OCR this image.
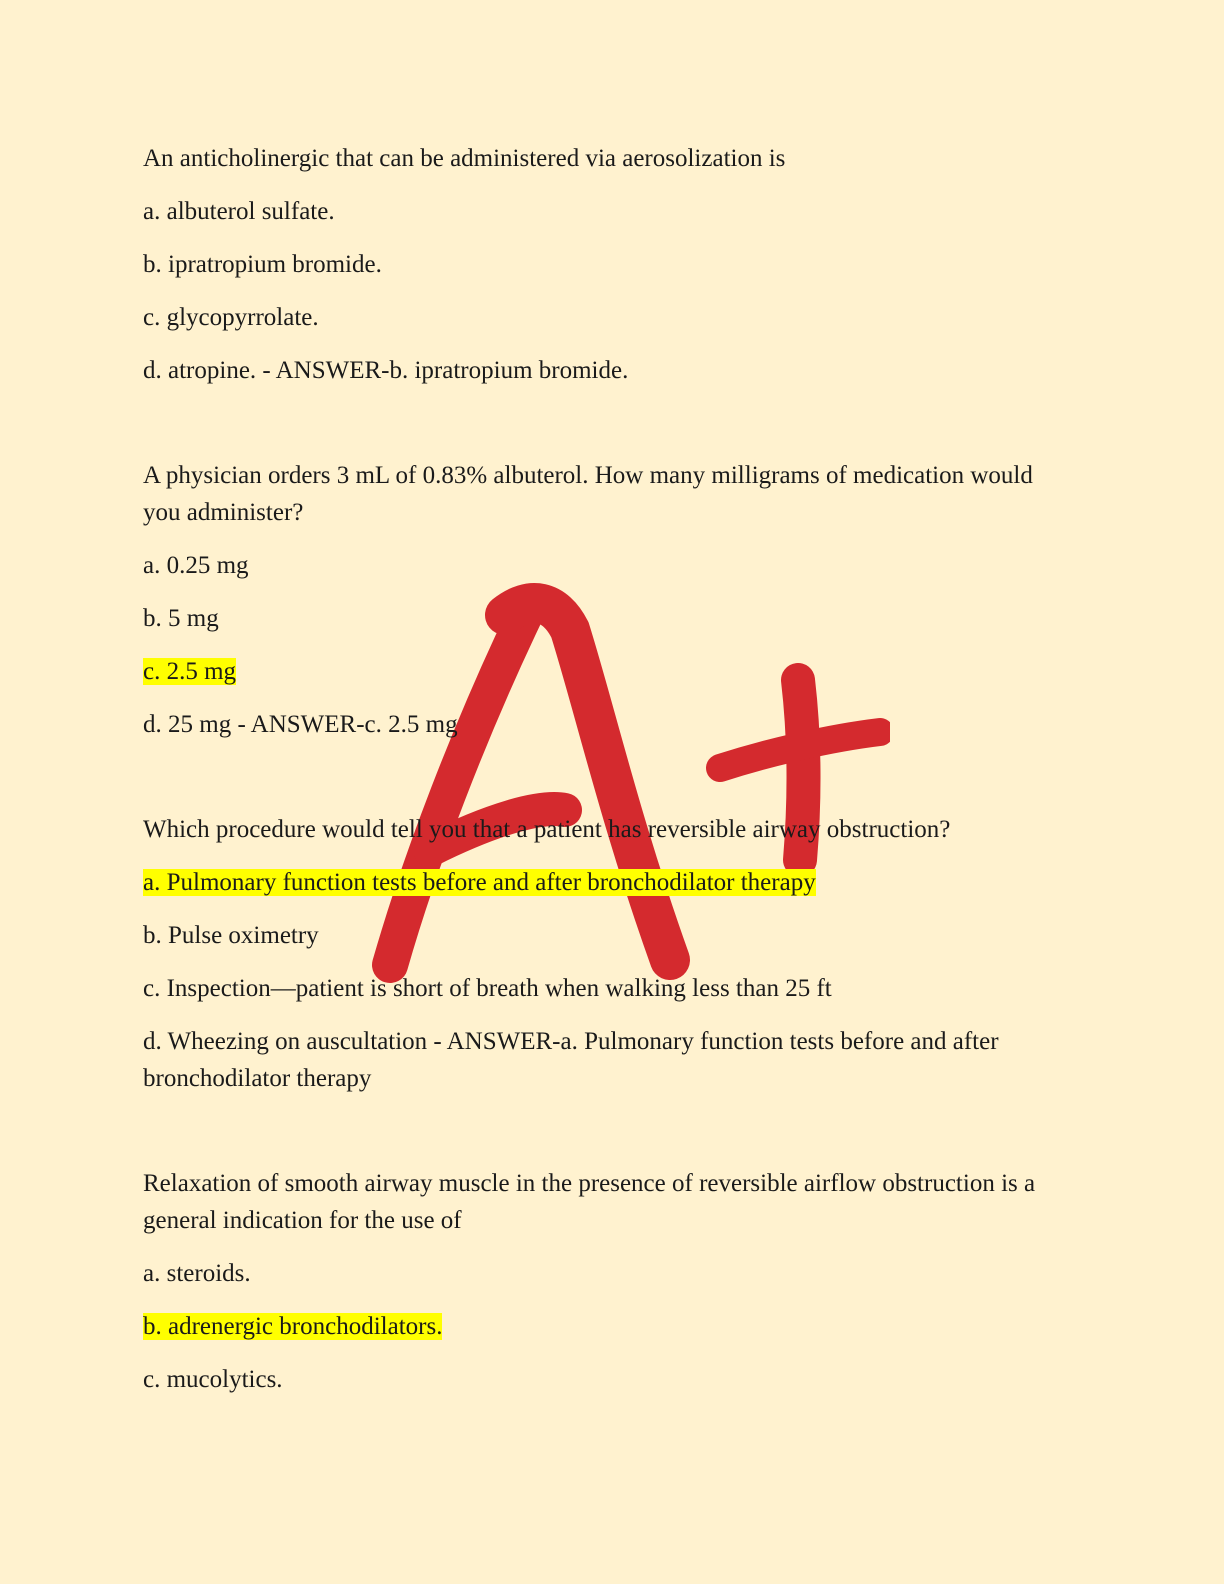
An anticholinergic that can be administered via aerosolization is

a. albuterol sulfate.

b. ipratropium bromide.

c. glycopyrrolate.

d. atropine. - ANSWER-b. ipratropium bromide.

A physician orders 3 mL of 0.83% albuterol. How many milligrams of medication would you administer?

a. 0.25 mg

b. 5 mg

c. 2.5 mg

d. 25 mg - ANSWER-c. 2.5 mg

Which procedure would tell you that a patient has reversible airway obstruction?

a. Pulmonary function tests before and after bronchodilator therapy

b. Pulse oximetry

c. Inspection—patient is short of breath when walking less than 25 ft

d. Wheezing on auscultation - ANSWER-a. Pulmonary function tests before and after bronchodilator therapy

Relaxation of smooth airway muscle in the presence of reversible airflow obstruction is a general indication for the use of

a. steroids.

b. adrenergic bronchodilators.

c. mucolytics.
